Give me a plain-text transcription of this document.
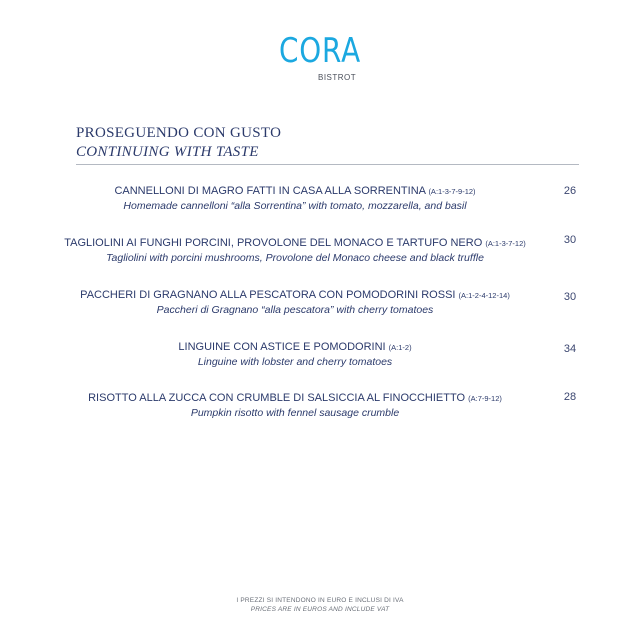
CORA
BISTROT
PROSEGUENDO CON GUSTO
CONTINUING WITH TASTE
CANNELLONI DI MAGRO FATTI IN CASA ALLA SORRENTINA (A:1-3-7-9-12)
Homemade cannelloni “alla Sorrentina” with tomato, mozzarella, and basil
26
TAGLIOLINI AI FUNGHI PORCINI, PROVOLONE DEL MONACO E TARTUFO NERO (A:1-3-7-12)
Tagliolini with porcini mushrooms, Provolone del Monaco cheese and black truffle
30
PACCHERI DI GRAGNANO ALLA PESCATORA CON POMODORINI ROSSI (A:1-2-4-12-14)
Paccheri di Gragnano “alla pescatora” with cherry tomatoes
30
LINGUINE CON ASTICE E POMODORINI (A:1-2)
Linguine with lobster and cherry tomatoes
34
RISOTTO ALLA ZUCCA CON CRUMBLE DI SALSICCIA AL FINOCCHIETTO (A:7-9-12)
Pumpkin risotto with fennel sausage crumble
28
I PREZZI SI INTENDONO IN EURO E INCLUSI DI IVA
PRICES ARE IN EUROS AND INCLUDE VAT
